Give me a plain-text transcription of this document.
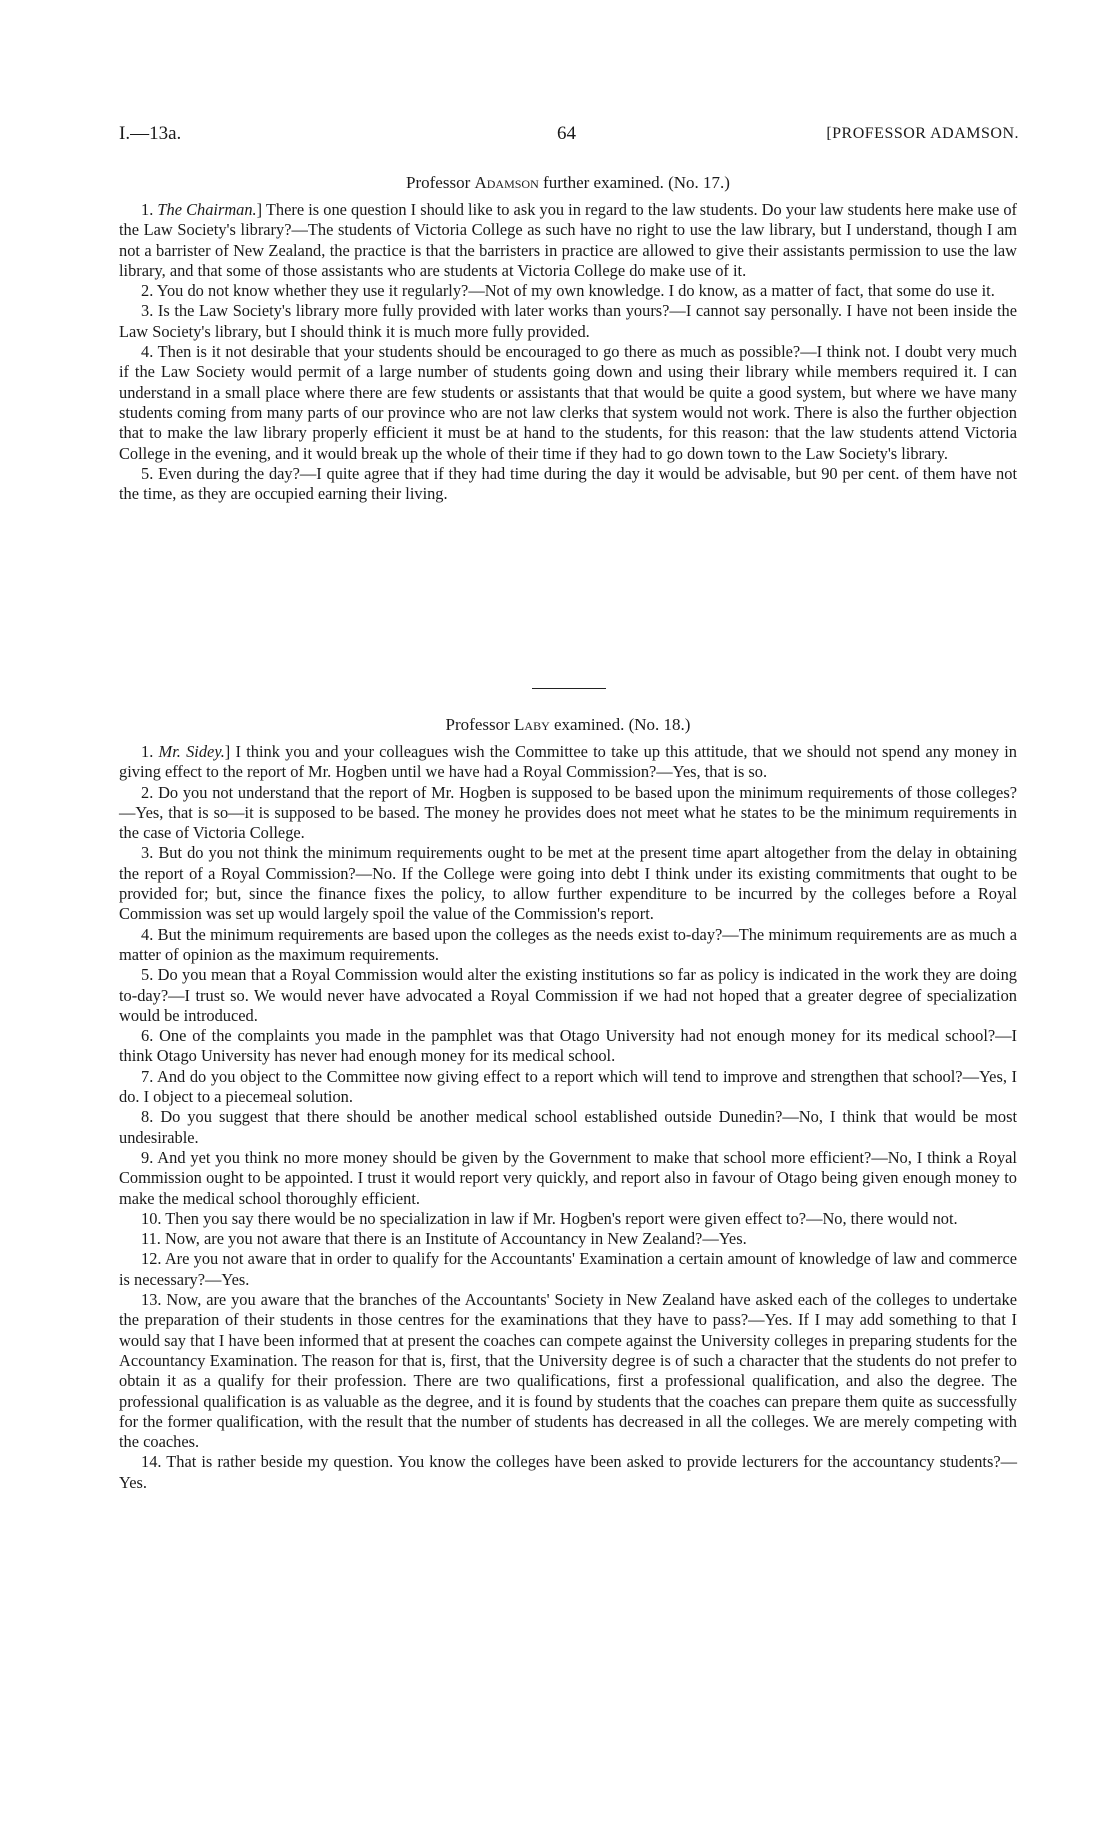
I.—13a.	64	[PROFESSOR ADAMSON.
Professor Adamson further examined. (No. 17.)

1. The Chairman.] There is one question I should like to ask you in regard to the law students. Do your law students here make use of the Law Society's library?—The students of Victoria College as such have no right to use the law library, but I understand, though I am not a barrister of New Zealand, the practice is that the barristers in practice are allowed to give their assistants permission to use the law library, and that some of those assistants who are students at Victoria College do make use of it.

2. You do not know whether they use it regularly?—Not of my own knowledge. I do know, as a matter of fact, that some do use it.

3. Is the Law Society's library more fully provided with later works than yours?—I cannot say personally. I have not been inside the Law Society's library, but I should think it is much more fully provided.

4. Then is it not desirable that your students should be encouraged to go there as much as possible?—I think not. I doubt very much if the Law Society would permit of a large number of students going down and using their library while members required it. I can understand in a small place where there are few students or assistants that that would be quite a good system, but where we have many students coming from many parts of our province who are not law clerks that system would not work. There is also the further objection that to make the law library properly efficient it must be at hand to the students, for this reason: that the law students attend Victoria College in the evening, and it would break up the whole of their time if they had to go down town to the Law Society's library.

5. Even during the day?—I quite agree that if they had time during the day it would be advisable, but 90 per cent. of them have not the time, as they are occupied earning their living.

Professor Laby examined. (No. 18.)

1. Mr. Sidey.] I think you and your colleagues wish the Committee to take up this attitude, that we should not spend any money in giving effect to the report of Mr. Hogben until we have had a Royal Commission?—Yes, that is so.

2. Do you not understand that the report of Mr. Hogben is supposed to be based upon the minimum requirements of those colleges?—Yes, that is so—it is supposed to be based. The money he provides does not meet what he states to be the minimum requirements in the case of Victoria College.

3. But do you not think the minimum requirements ought to be met at the present time apart altogether from the delay in obtaining the report of a Royal Commission?—No. If the College were going into debt I think under its existing commitments that ought to be provided for; but, since the finance fixes the policy, to allow further expenditure to be incurred by the colleges before a Royal Commission was set up would largely spoil the value of the Commission's report.

4. But the minimum requirements are based upon the colleges as the needs exist to-day?—The minimum requirements are as much a matter of opinion as the maximum requirements.

5. Do you mean that a Royal Commission would alter the existing institutions so far as policy is indicated in the work they are doing to-day?—I trust so. We would never have advocated a Royal Commission if we had not hoped that a greater degree of specialization would be introduced.

6. One of the complaints you made in the pamphlet was that Otago University had not enough money for its medical school?—I think Otago University has never had enough money for its medical school.

7. And do you object to the Committee now giving effect to a report which will tend to improve and strengthen that school?—Yes, I do. I object to a piecemeal solution.

8. Do you suggest that there should be another medical school established outside Dunedin?—No, I think that would be most undesirable.

9. And yet you think no more money should be given by the Government to make that school more efficient?—No, I think a Royal Commission ought to be appointed. I trust it would report very quickly, and report also in favour of Otago being given enough money to make the medical school thoroughly efficient.

10. Then you say there would be no specialization in law if Mr. Hogben's report were given effect to?—No, there would not.

11. Now, are you not aware that there is an Institute of Accountancy in New Zealand?—Yes.

12. Are you not aware that in order to qualify for the Accountants' Examination a certain amount of knowledge of law and commerce is necessary?—Yes.

13. Now, are you aware that the branches of the Accountants' Society in New Zealand have asked each of the colleges to undertake the preparation of their students in those centres for the examinations that they have to pass?—Yes. If I may add something to that I would say that I have been informed that at present the coaches can compete against the University colleges in preparing students for the Accountancy Examination. The reason for that is, first, that the University degree is of such a character that the students do not prefer to obtain it as a qualify for their profession. There are two qualifications, first a professional qualification, and also the degree. The professional qualification is as valuable as the degree, and it is found by students that the coaches can prepare them quite as successfully for the former qualification, with the result that the number of students has decreased in all the colleges. We are merely competing with the coaches.

14. That is rather beside my question. You know the colleges have been asked to provide lecturers for the accountancy students?—Yes.
